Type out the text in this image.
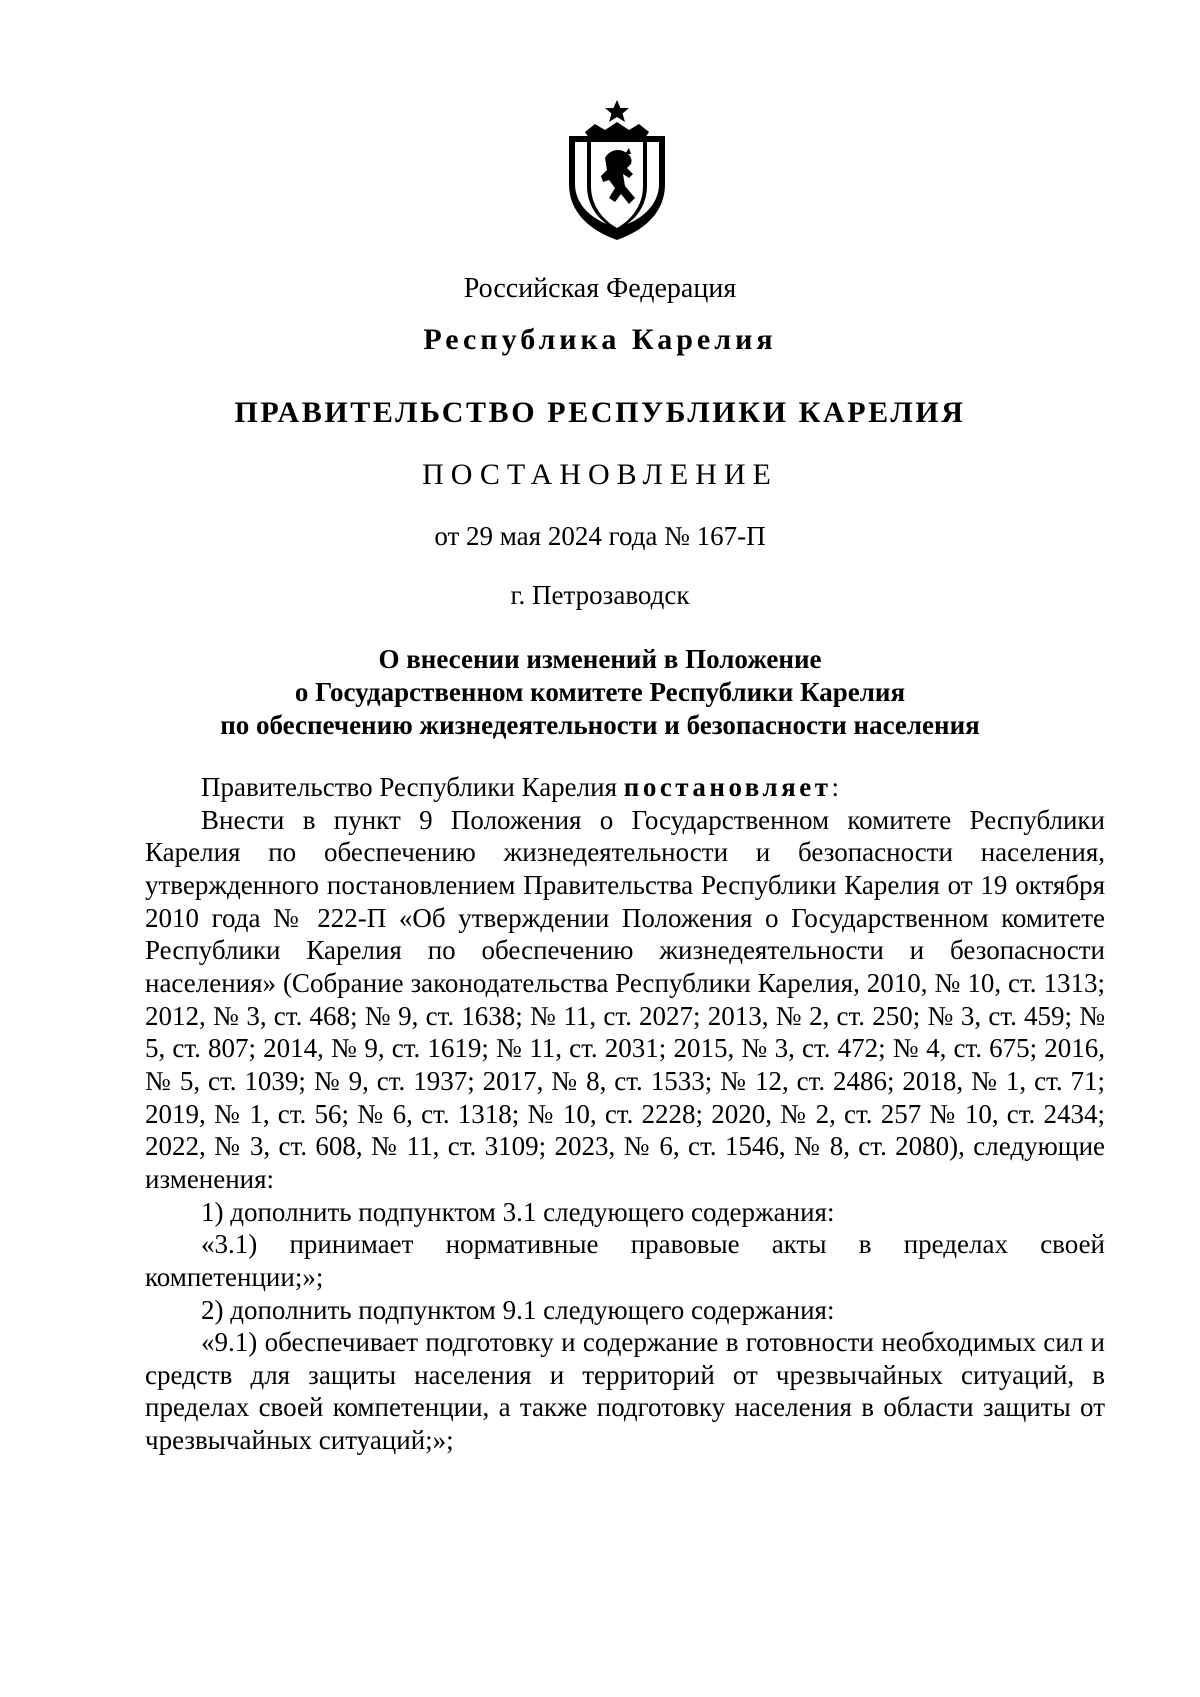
Российская Федерация
Республика Карелия
ПРАВИТЕЛЬСТВО РЕСПУБЛИКИ КАРЕЛИЯ
ПОСТАНОВЛЕНИЕ
от 29 мая 2024 года № 167-П
г. Петрозаводск
О внесении изменений в Положение
о Государственном комитете Республики Карелия
по обеспечению жизнедеятельности и безопасности населения

Правительство Республики Карелия постановляет:

Внести в пункт 9 Положения о Государственном комитете Республики Карелия по обеспечению жизнедеятельности и безопасности населения, утвержденного постановлением Правительства Республики Карелия от 19 октября 2010 года № 222-П «Об утверждении Положения о Государственном комитете Республики Карелия по обеспечению жизнедеятельности и безопасности населения» (Собрание законодательства Республики Карелия, 2010, № 10, ст. 1313; 2012, № 3, ст. 468; № 9, ст. 1638; № 11, ст. 2027; 2013, № 2, ст. 250; № 3, ст. 459; № 5, ст. 807; 2014, № 9, ст. 1619; № 11, ст. 2031; 2015, № 3, ст. 472; № 4, ст. 675; 2016, № 5, ст. 1039; № 9, ст. 1937; 2017, № 8, ст. 1533; № 12, ст. 2486; 2018, № 1, ст. 71; 2019, № 1, ст. 56; № 6, ст. 1318; № 10, ст. 2228; 2020, № 2, ст. 257 № 10, ст. 2434; 2022, № 3, ст. 608, № 11, ст. 3109; 2023, № 6, ст. 1546, № 8, ст. 2080), следующие изменения:

1) дополнить подпунктом 3.1 следующего содержания:

«3.1) принимает нормативные правовые акты в пределах своей компетенции;»;

2) дополнить подпунктом 9.1 следующего содержания:

«9.1) обеспечивает подготовку и содержание в готовности необходимых сил и средств для защиты населения и территорий от чрезвычайных ситуаций, в пределах своей компетенции, а также подготовку населения в области защиты от чрезвычайных ситуаций;»;
